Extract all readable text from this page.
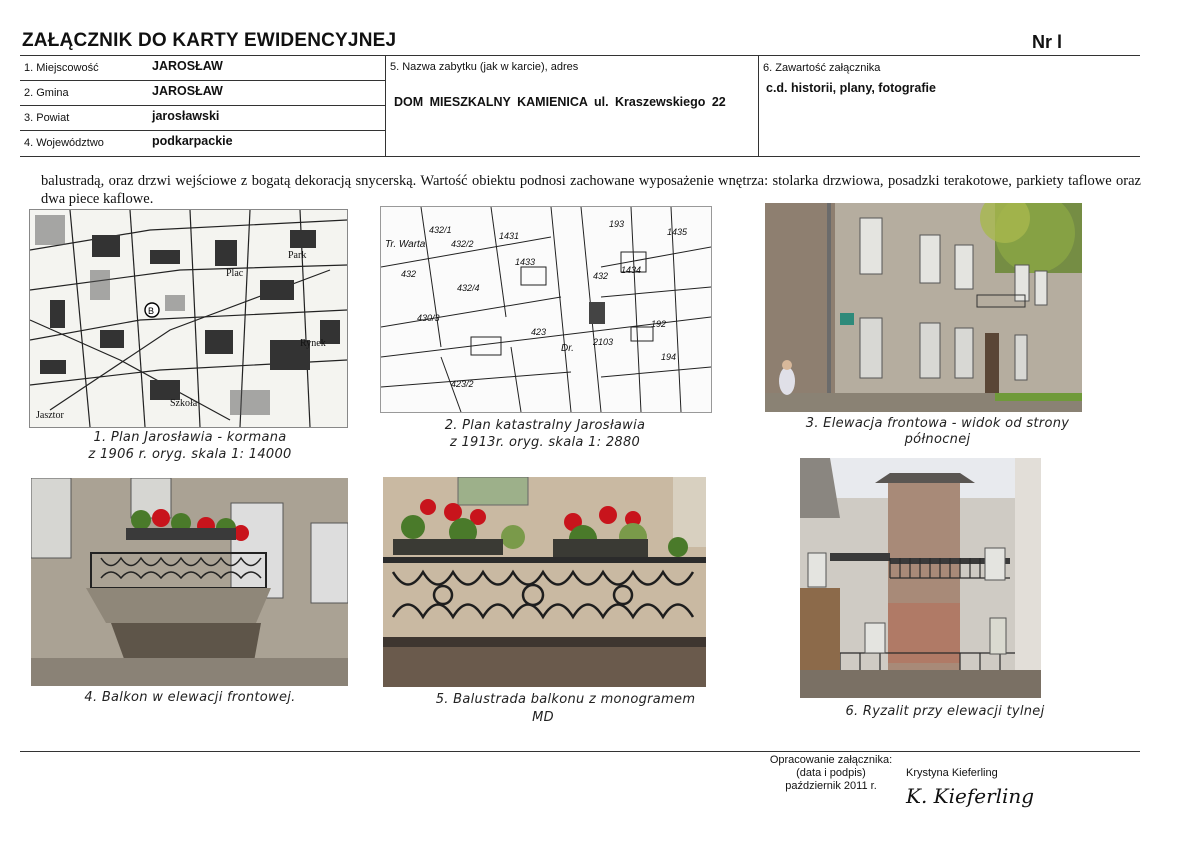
ZAŁĄCZNIK DO KARTY EWIDENCYJNEJ	Nr l
1. Miejscowość	JAROSŁAW
2. Gmina	JAROSŁAW
3. Powiat	jarosławski
4. Województwo	podkarpackie
5. Nazwa zabytku (jak w karcie), adres
DOM MIESZKALNY KAMIENICA ul. Kraszewskiego 22
6. Zawartość załącznika
c.d. historii, plany, fotografie
balustradą, oraz drzwi wejściowe z bogatą dekoracją snycerską. Wartość obiektu podnosi zachowane wyposażenie wnętrza: stolarka drzwiowa, posadzki terakotowe, parkiety taflowe oraz dwa piece kaflowe.
B
Rynek
Szkoła
Jasztor
Park
Plac
1. Plan Jarosławia - kormana
z 1906 r. oryg. skala 1: 14000
432/1
432/2
1431
1433
1435
1434
432
432/4
430/3
432
423
423/2
2103
192
193
194
Tr. Warta
Dr.
2. Plan katastralny Jarosławia
z 1913r. oryg. skala 1: 2880
3. Elewacja frontowa - widok od strony
północnej
4. Balkon w elewacji frontowej.	5. Balustrada balkonu z monogramem
MD	6. Ryzalit przy elewacji tylnej
Opracowanie załącznika:
(data i podpis)
październik 2011 r.
Krystyna Kieferling
K. Kieferling
